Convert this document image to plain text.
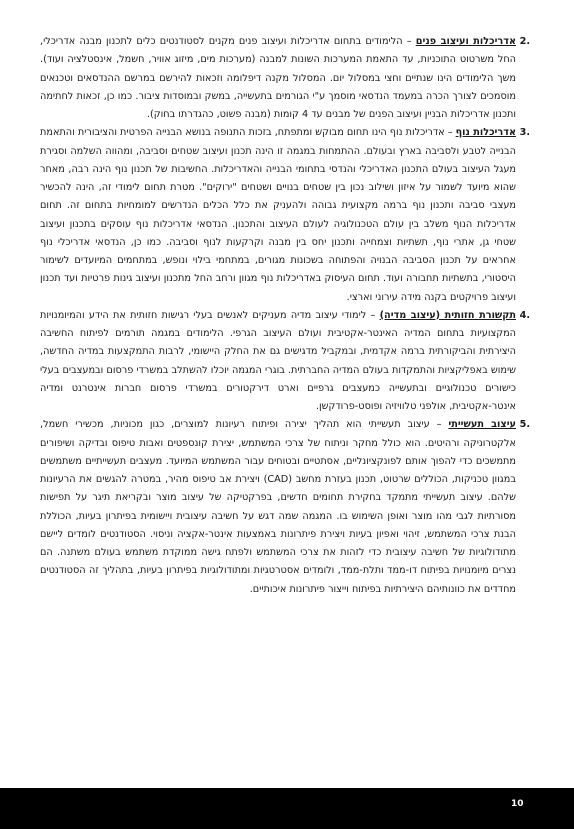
2.
אדריכלות ועיצוב פנים – הלימודים בתחום אדריכלות ועיצוב פנים מקנים לסטודנטים כלים לתכנון מבנה אדריכלי, החל משרטוט התוכניות, עד התאמת המערכות השונות למבנה (מערכות מים, מיזוג אוויר, חשמל, אינסטלציה ועוד). משך הלימודים הינו שנתיים וחצי במסלול יום. המסלול מקנה דיפלומה וזכאות להירשם במרשם ההנדסאים וטכנאים מוסמכים לצורך הכרה במעמד הנדסאי מוסמך ע"י הגורמים בתעשייה, במשק ובמוסדות ציבור. כמו כן, זכאות לחתימה ותכנון אדריכלות הבניין ועיצוב הפנים של מבנים עד 4 קומות (מבנה פשוט, כהגדרתו בחוק).
3.
אדריכלות נוף – אדריכלות נוף הינו תחום מבוקש ומתפתח, בזכות התנופה בנושא הבנייה הפרטית והציבורית והתאמת הבנייה לטבע ולסביבה בארץ ובעולם. ההתמחות במגמה זו הינה תכנון ועיצוב שטחים וסביבה, ומהווה השלמה וסגירת מעגל העיצוב בעולם התכנון האדריכלי והנדסי בתחומי הבנייה והאדריכלות. החשיבות של תכנון נוף הינה רבה, מאחר שהוא מיועד לשמור על איזון ושילוב נכון בין שטחים בנויים ושטחים "ירוקים". מטרת תחום לימודי זה, הינה להכשיר מעצבי סביבה ותכנון נוף ברמה מקצועית גבוהה ולהעניק את כלל הכלים הנדרשים למומחיות בתחום זה. תחום אדריכלות הנוף משלב בין עולם הטכנולוגיה לעולם העיצוב והתכנון. הנדסאי אדריכלות נוף עוסקים בתכנון ועיצוב שטחי גן, אתרי נוף, תשתיות וצמחייה ותכנון יחס בין מבנה וקרקעות לנוף וסביבה. כמו כן, הנדסאי אדריכלי נוף אחראים על תכנון הסביבה הבנויה והפתוחה בשכונות מגורים, במתחמי בילוי ונופש, במתחמים המיועדים לשימור היסטורי, בתשתיות תחבורה ועוד. תחום העיסוק באדריכלות נוף מגוון ורחב החל מתכנון ועיצוב גינות פרטיות ועד תכנון ועיצוב פרויקטים בקנה מידה עירוני וארצי.
4.
תקשורת חזותית (עיצוב מדיה) – לימודי עיצוב מדיה מעניקים לאנשים בעלי רגישות חזותית את הידע והמיומנויות המקצועיות בתחום המדיה האינטר-אקטיבית ועולם העיצוב הגרפי. הלימודים במגמה תורמים לפיתוח החשיבה היצירתית והביקורתית ברמה אקדמית, ובמקביל מדגישים גם את החלק היישומי, לרבות התמקצעות במדיה החדשה, שימוש באפליקציות והתמקדות בעולם המדיה החברתית. בוגרי המגמה יוכלו להשתלב במשרדי פרסום ובמעצבים בעלי כישורים טכנולוגיים ובתעשייה כמעצבים גרפיים וארט דירקטורים במשרדי פרסום חברות אינטרנט ומדיה אינטר-אקטיבית, אולפני טלוויזיה ופוסט-פרודקשן.
5.
עיצוב תעשייתי – עיצוב תעשייתי הוא תהליך יצירה ופיתוח רעיונות למוצרים, כגון מכוניות, מכשירי חשמל, אלקטרוניקה ורהיטים. הוא כולל מחקר וניתוח של צרכי המשתמש, יצירת קונספטים ואבות טיפוס ובדיקה ושיפורים מתמשכים כדי להפוך אותם לפונקציונליים, אסתטיים ובטוחים עבור המשתמש המיועד. מעצבים תעשייתיים משתמשים במגוון טכניקות, הכוללים שרטוט, תכנון בעזרת מחשב (CAD) ויצירת אב טיפוס מהיר, במטרה להגשים את הרעיונות שלהם. עיצוב תעשייתי מתמקד בחקירת תחומים חדשים, בפרקטיקה של עיצוב מוצר ובקריאת תיגר על תפישות מסורתיות לגבי מהו מוצר ואופן השימוש בו. המגמה שמה דגש על חשיבה עיצובית ויישומית בפיתרון בעיות, הכוללת הבנת צרכי המשתמש, זיהוי ואפיון בעיות ויצירת פיתרונות באמצעות אינטר-אקציה וניסוי. הסטודנטים לומדים ליישם מתודולוגיות של חשיבה עיצובית כדי לזהות את צרכי המשתמש ולפתח גישה ממוקדת משתמש בעולם משתנה. הם נצרים מיומנויות בפיתוח דו-ממד ותלת-ממד, ולומדים אסטרטגיות ומתודולוגיות בפיתרון בעיות, בתהליך זה הסטודנטים מחדדים את כוונותיהם היצירתיות בפיתוח וייצור פיתרונות איכותיים.
10
